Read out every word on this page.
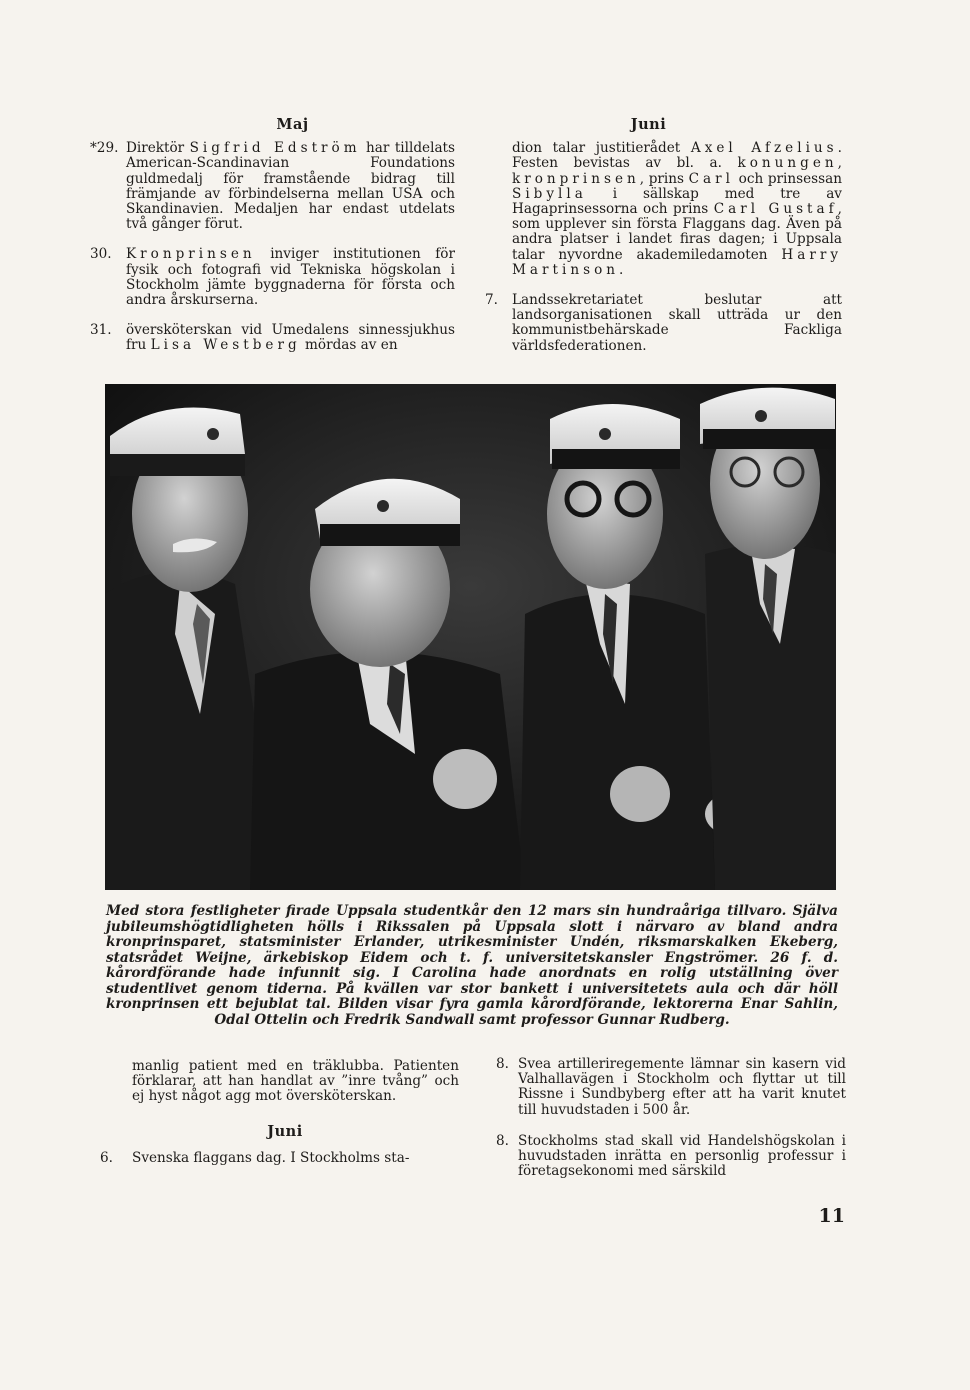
Maj
*29. Direktör Sigfrid Edström har tilldelats American-Scandinavian Foundations guldmedalj för framstående bidrag till främjande av förbindelserna mellan USA och Skandinavien. Medaljen har endast utdelats två gånger förut.

30. Kronprinsen inviger institutionen för fysik och fotografi vid Tekniska högskolan i Stockholm jämte byggnaderna för första och andra årskurserna.

31. översköterskan vid Umedalens sinnessjukhus fru Lisa Westberg mördas av en

Juni

dion talar justitierådet Axel Afzelius. Festen bevistas av bl. a. konungen, kronprinsen, prins Carl och prinsessan Sibylla i sällskap med tre av Hagaprinsessorna och prins Carl Gustaf, som upplever sin första Flaggans dag. Även på andra platser i landet firas dagen; i Uppsala talar nyvordne akademiledamoten Harry Martinson.

7. Landssekretariatet beslutar att landsorganisationen skall utträda ur den kommunistbehärskade Fackliga världsfederationen.

Med stora festligheter firade Uppsala studentkår den 12 mars sin hundraåriga tillvaro. Själva jubileumshögtidligheten hölls i Rikssalen på Uppsala slott i närvaro av bland andra kronprinsparet, statsminister Erlander, utrikesminister Undén, riksmarskalken Ekeberg, statsrådet Weijne, ärkebiskop Eidem och t. f. universitetskansler Engströmer. 26 f. d. kårordförande hade infunnit sig. I Carolina hade anordnats en rolig utställning över studentlivet genom tiderna. På kvällen var stor bankett i universitetets aula och där höll kronprinsen ett bejublat tal. Bilden visar fyra gamla kårordförande, lektorerna Enar Sahlin, Odal Ottelin och Fredrik Sandwall samt professor Gunnar Rudberg.

manlig patient med en träklubba. Patienten förklarar, att han handlat av ”inre tvång” och ej hyst något agg mot översköterskan.

Juni
6. Svenska flaggans dag. I Stockholms sta-

8. Svea artilleriregemente lämnar sin kasern vid Valhallavägen i Stockholm och flyttar ut till Rissne i Sundbyberg efter att ha varit knutet till huvudstaden i 500 år.

8. Stockholms stad skall vid Handelshögskolan i huvudstaden inrätta en personlig professur i företagsekonomi med särskild

11
